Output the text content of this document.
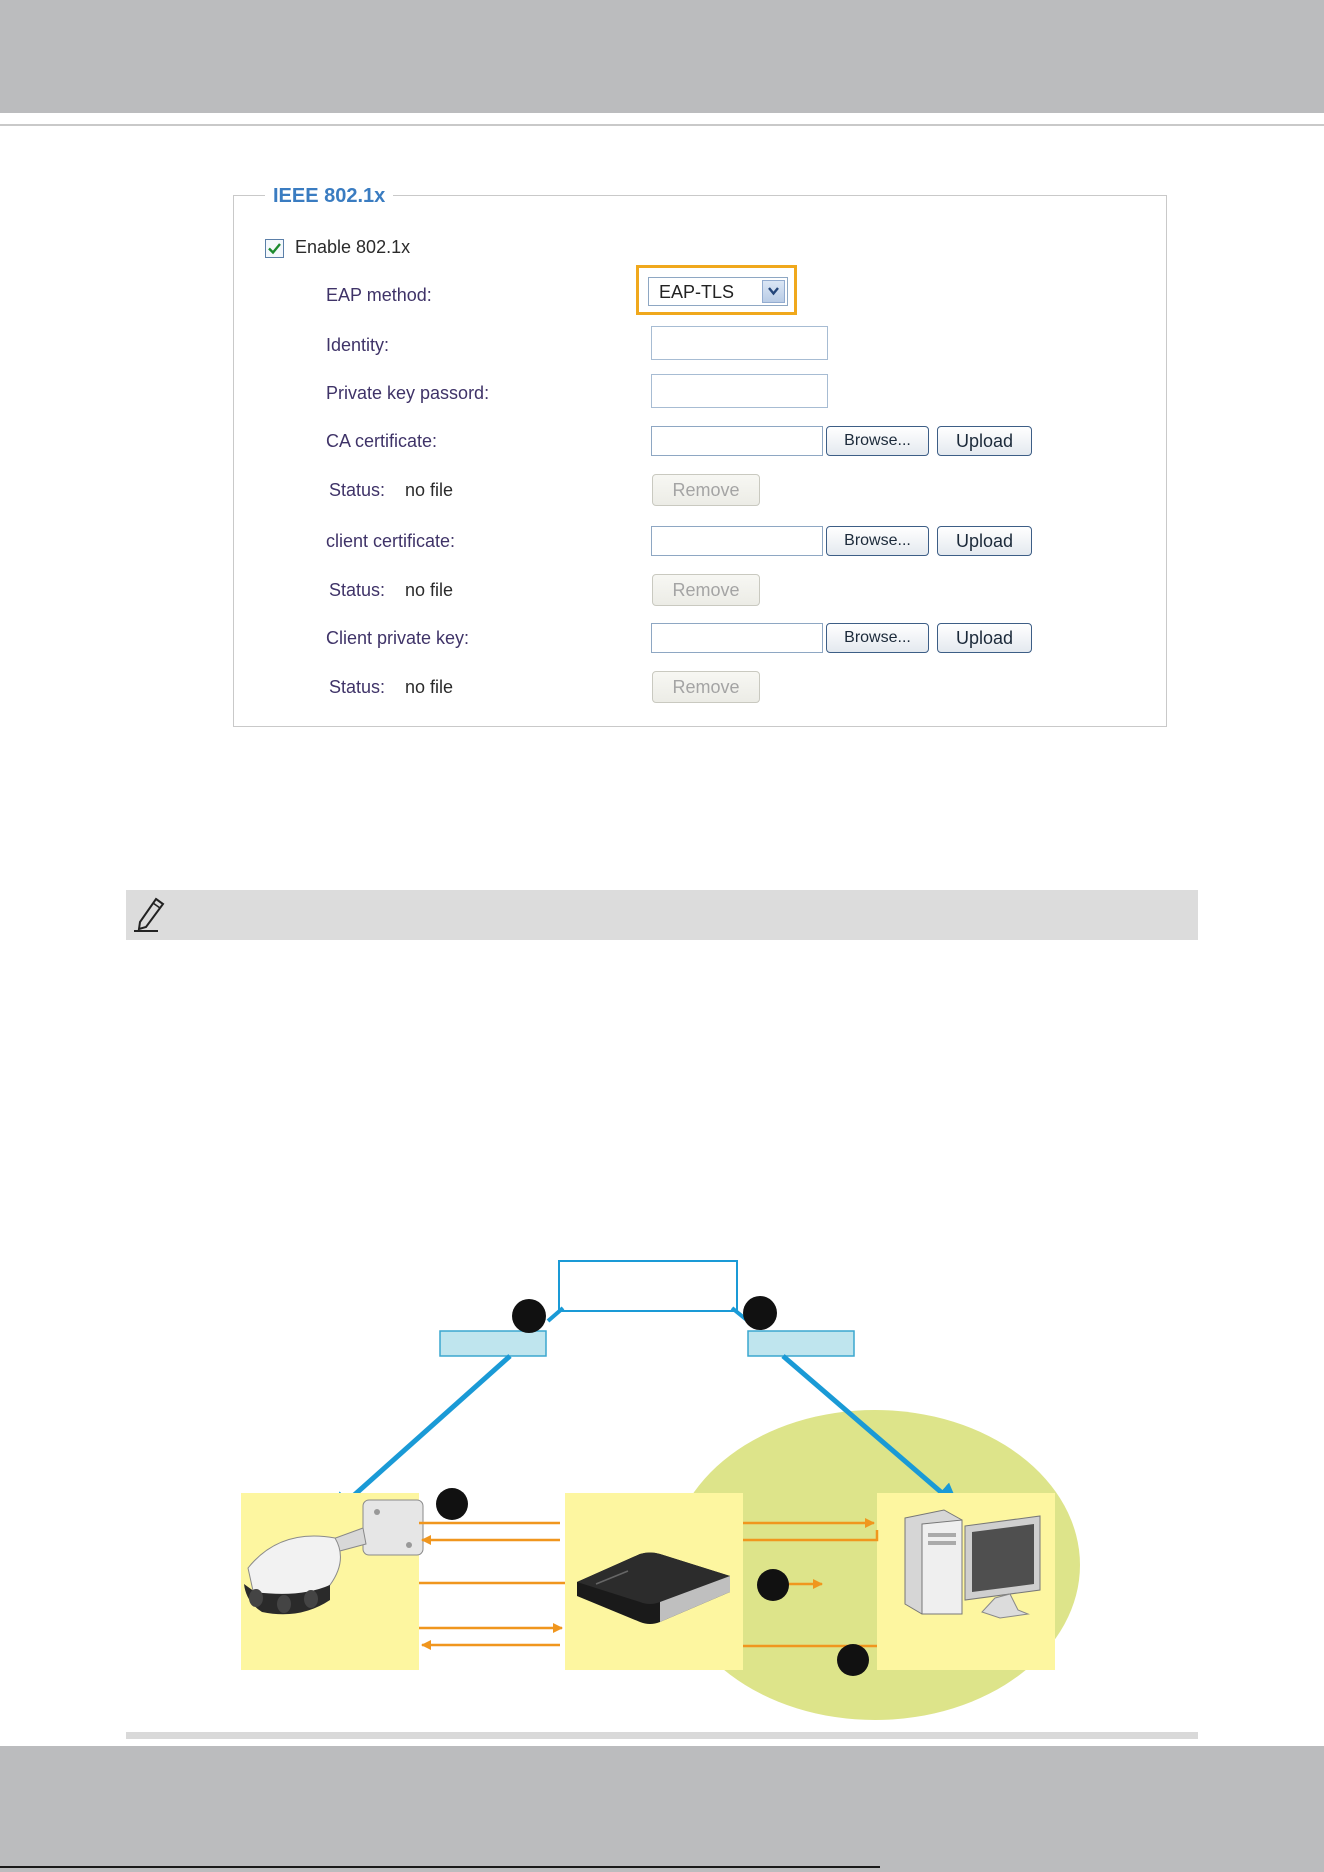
IEEE 802.1x
Enable 802.1x
EAP method:	EAP-TLS
Identity:
Private key passord:
CA certificate:	Browse...	Upload
Status: no file	Remove
client certificate:	Browse...	Upload
Status: no file	Remove
Client private key:	Browse...	Upload
Status: no file	Remove
